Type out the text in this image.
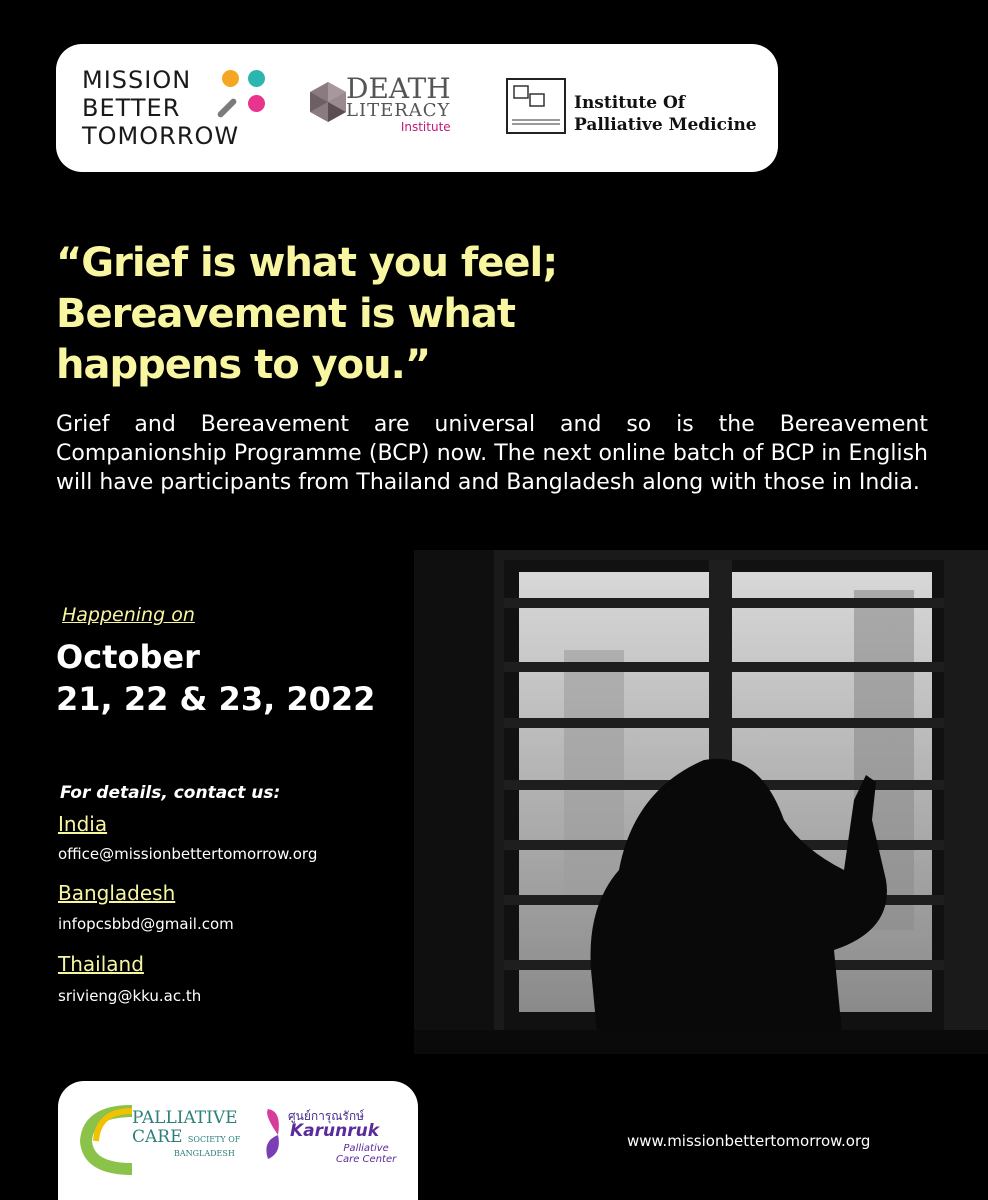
MISSION
BETTER
TOMORROW
DEATH
LITERACY
Institute
Institute Of
Palliative Medicine
“Grief is what you feel;
Bereavement is what
happens to you.”
Grief and Bereavement are universal and so is the Bereavement Companionship Programme (BCP) now. The next online batch of BCP in English will have participants from Thailand and Bangladesh along with those in India.
Happening on
October
21, 22 & 23, 2022
For details, contact us:
India
office@missionbettertomorrow.org
Bangladesh
infopcsbbd@gmail.com
Thailand
srivieng@kku.ac.th
PALLIATIVE
CARE SOCIETY OF
BANGLADESH
ศูนย์การุณรักษ์
Karunruk
Palliative
Care Center
www.missionbettertomorrow.org
